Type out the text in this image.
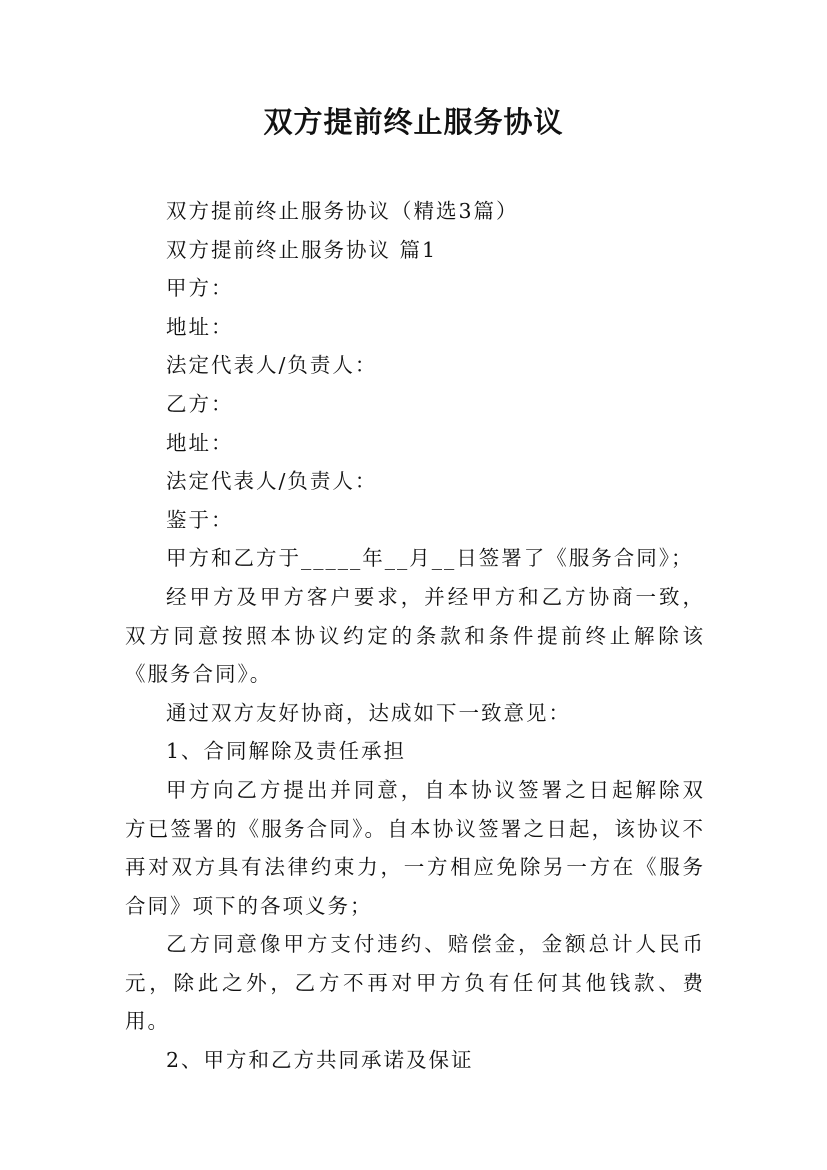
双方提前终止服务协议

双方提前终止服务协议（精选3篇）

双方提前终止服务协议 篇1

甲方：

地址：

法定代表人/负责人：

乙方：

地址：

法定代表人/负责人：

鉴于：

甲方和乙方于_____年__月__日签署了《服务合同》；

经甲方及甲方客户要求，并经甲方和乙方协商一致，双方同意按照本协议约定的条款和条件提前终止解除该《服务合同》。

通过双方友好协商，达成如下一致意见：

1、合同解除及责任承担

甲方向乙方提出并同意，自本协议签署之日起解除双方已签署的《服务合同》。自本协议签署之日起，该协议不再对双方具有法律约束力，一方相应免除另一方在《服务合同》项下的各项义务；

乙方同意像甲方支付违约、赔偿金，金额总计人民币元，除此之外，乙方不再对甲方负有任何其他钱款、费用。

2、甲方和乙方共同承诺及保证
